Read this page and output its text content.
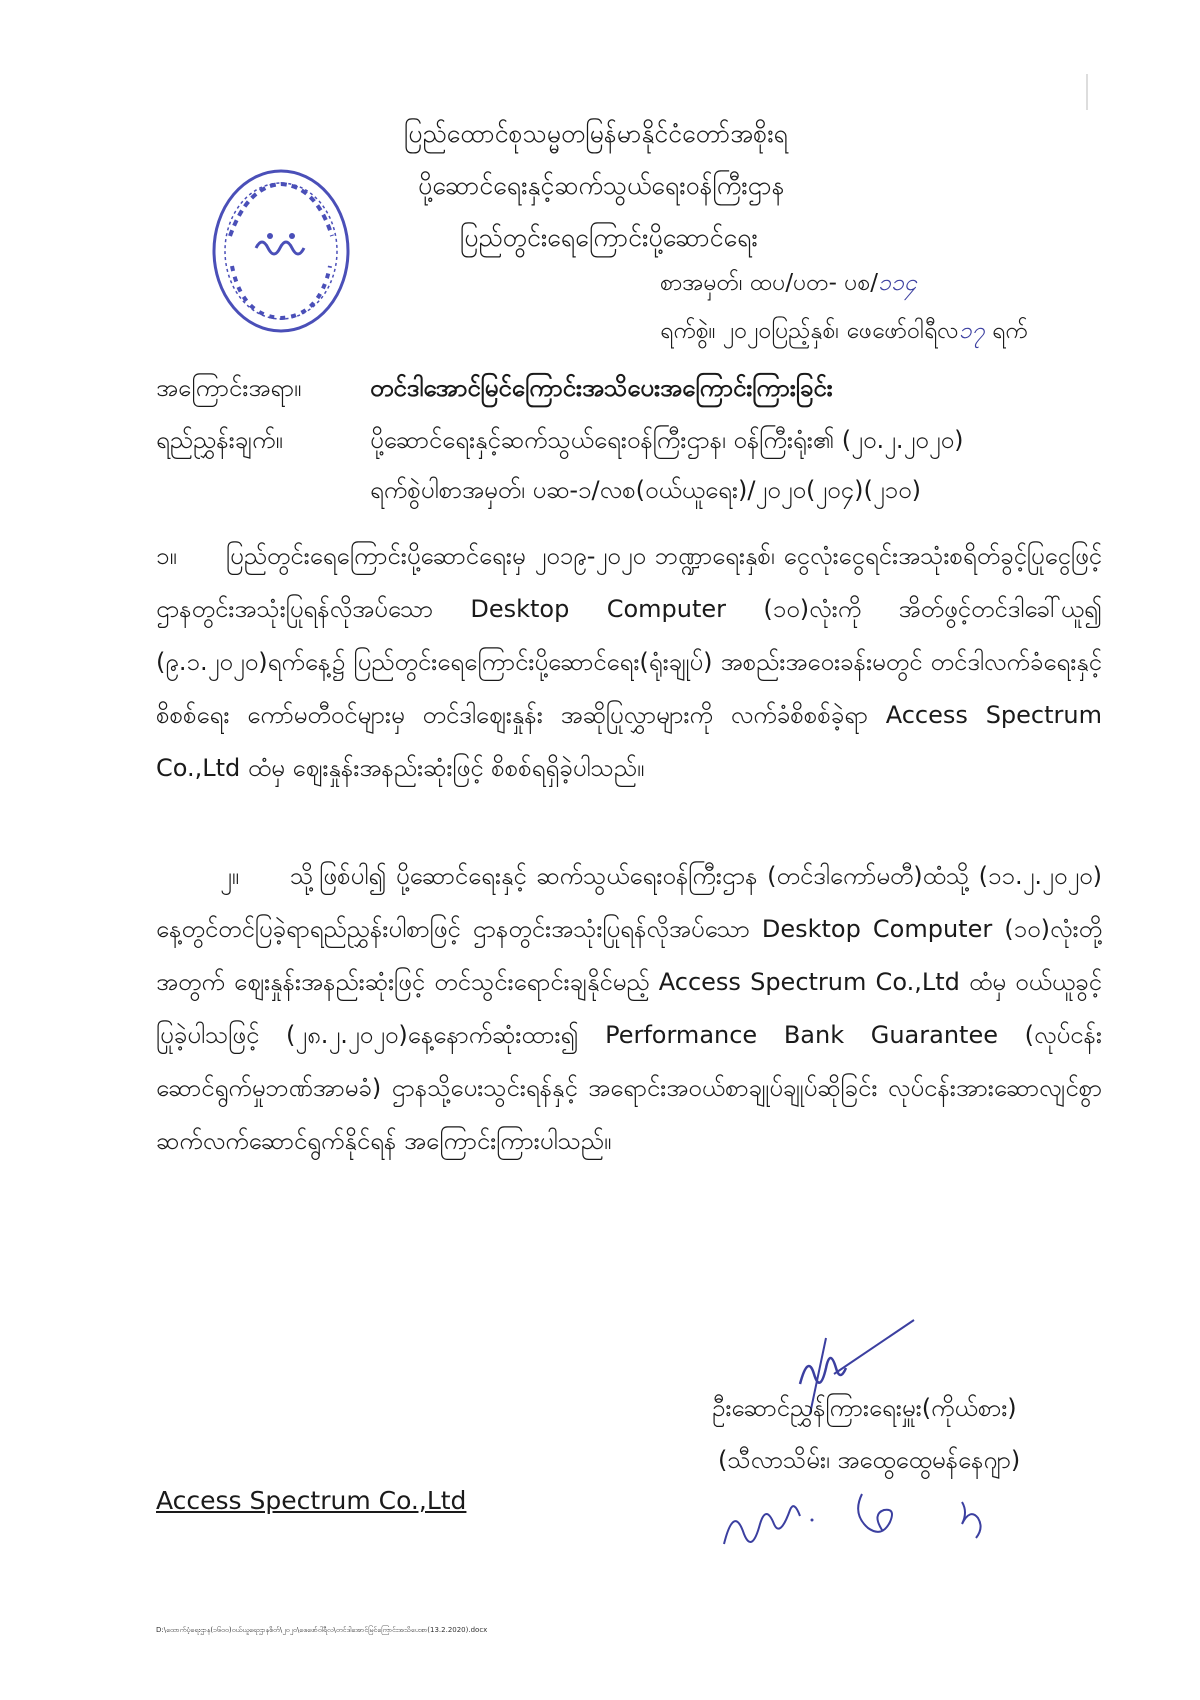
ပြည်ထောင်စုသမ္မတမြန်မာနိုင်ငံတော်အစိုးရ
ပို့ဆောင်ရေးနှင့်ဆက်သွယ်ရေးဝန်ကြီးဌာန
ပြည်တွင်းရေကြောင်းပို့ဆောင်ရေး
စာအမှတ်၊ ထပ/ပတ- ပစ/၁၁၄
ရက်စွဲ။ ၂၀၂၀ပြည့်နှစ်၊ ဖေဖော်ဝါရီလ၁၇ ရက်
အကြောင်းအရာ။	တင်ဒါအောင်မြင်ကြောင်းအသိပေးအကြောင်းကြားခြင်း
ရည်ညွှန်းချက်။	ပို့ဆောင်ရေးနှင့်ဆက်သွယ်ရေးဝန်ကြီးဌာန၊ ဝန်ကြီးရုံး၏ (၂၀.၂.၂၀၂၀)
ရက်စွဲပါစာအမှတ်၊ ပဆ-၁/လစ(ဝယ်ယူရေး)/၂၀၂၀(၂၀၄)(၂၁၀)
၁။ ပြည်တွင်းရေကြောင်းပို့ဆောင်ရေးမှ ၂၀၁၉-၂၀၂၀ ဘဏ္ဍာရေးနှစ်၊ ငွေလုံးငွေရင်းအသုံးစရိတ်ခွင့်ပြုငွေဖြင့် ဌာနတွင်းအသုံးပြုရန်လိုအပ်သော Desktop Computer (၁၀)လုံးကို အိတ်ဖွင့်တင်ဒါခေါ်ယူ၍ (၉.၁.၂၀၂၀)ရက်နေ့၌ ပြည်တွင်းရေကြောင်းပို့ဆောင်ရေး(ရုံးချုပ်) အစည်းအဝေးခန်းမတွင် တင်ဒါလက်ခံရေးနှင့်စိစစ်ရေး ကော်မတီဝင်များမှ တင်ဒါဈေးနှုန်း အဆိုပြုလွှာများကို လက်ခံစိစစ်ခဲ့ရာ Access Spectrum Co.,Ltd ထံမှ ဈေးနှုန်းအနည်းဆုံးဖြင့် စိစစ်ရရှိခဲ့ပါသည်။
၂။ သို့ဖြစ်ပါ၍ ပို့ဆောင်ရေးနှင့် ဆက်သွယ်ရေးဝန်ကြီးဌာန (တင်ဒါကော်မတီ)ထံသို့ (၁၁.၂.၂၀၂၀) နေ့တွင်တင်ပြခဲ့ရာရည်ညွှန်းပါစာဖြင့် ဌာနတွင်းအသုံးပြုရန်လိုအပ်သော Desktop Computer (၁၀)လုံးတို့အတွက် ဈေးနှုန်းအနည်းဆုံးဖြင့် တင်သွင်းရောင်းချနိုင်မည့် Access Spectrum Co.,Ltd ထံမှ ဝယ်ယူခွင့်ပြုခဲ့ပါသဖြင့် (၂၈.၂.၂၀၂၀)နေ့နောက်ဆုံးထား၍ Performance Bank Guarantee (လုပ်ငန်းဆောင်ရွက်မှုဘဏ်အာမခံ) ဌာနသို့ပေးသွင်းရန်နှင့် အရောင်းအဝယ်စာချုပ်ချုပ်ဆိုခြင်း လုပ်ငန်းအားဆောလျင်စွာ ဆက်လက်ဆောင်ရွက်နိုင်ရန် အကြောင်းကြားပါသည်။
ဦးဆောင်ညွှန်ကြားရေးမှူး(ကိုယ်စား)
(သီလာသိမ်း၊ အထွေထွေမန်နေဂျာ)
Access Spectrum Co.,Ltd
D:\ထောက်ပံ့ရေးဌာန(၁၆၀၀)ဝယ်ယူရေးဌာနစိတ်\၂၀၂၀\ဖေဖော်ဝါရီလ\တင်ဒါအောင်မြင်ကြောင်းအသိပေးစာ(13.2.2020).docx
